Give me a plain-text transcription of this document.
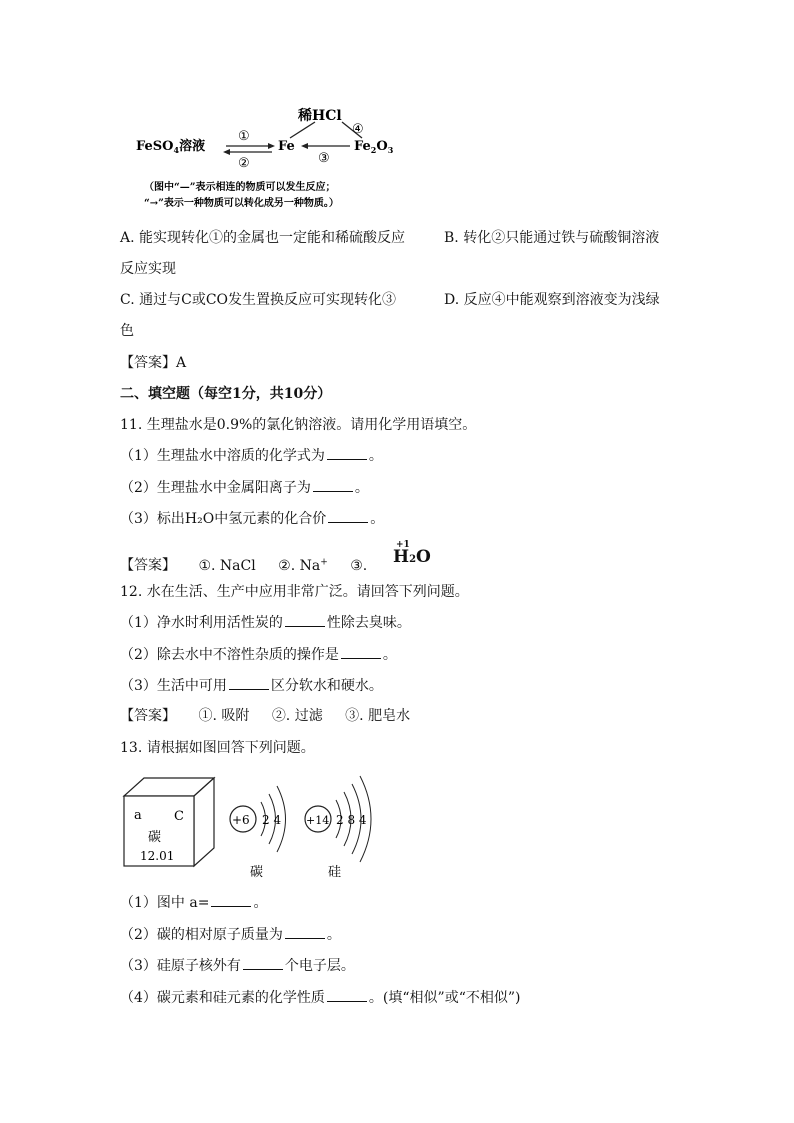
稀HCl
④
FeSO$_4$溶液
①
②
Fe
③
$Fe_2O_3$
（图中“—”表示相连的物质可以发生反应；
“→”表示一种物质可以转化成另一种物质。）
A. 能实现转化①的金属也一定能和稀硫酸反应	B. 转化②只能通过铁与硫酸铜溶液
反应实现
C. 通过与C或CO发生置换反应可实现转化③	D. 反应④中能观察到溶液变为浅绿
色
【答案】A
二、填空题（每空1分，共10分）
11. 生理盐水是0.9%的氯化钠溶液。请用化学用语填空。
（1）生理盐水中溶质的化学式为	。
（2）生理盐水中金属阳离子为	。
（3）标出H₂O中氢元素的化合价	。
【答案】 ①. NaCl ②. Na+ ③.
+1
H2O
12. 水在生活、生产中应用非常广泛。请回答下列问题。
（1）净水时利用活性炭的	性除去臭味。
（2）除去水中不溶性杂质的操作是	。
（3）生活中可用	区分软水和硬水。
【答案】 ①. 吸附 ②. 过滤 ③. 肥皂水
13. 请根据如图回答下列问题。
a C
碳
12.01
+6 2 4
碳
+14 2 8 4
硅
（1）图中 a=	。
（2）碳的相对原子质量为	。
（3）硅原子核外有	个电子层。
（4）碳元素和硅元素的化学性质	。(填“相似”或“不相似”)
